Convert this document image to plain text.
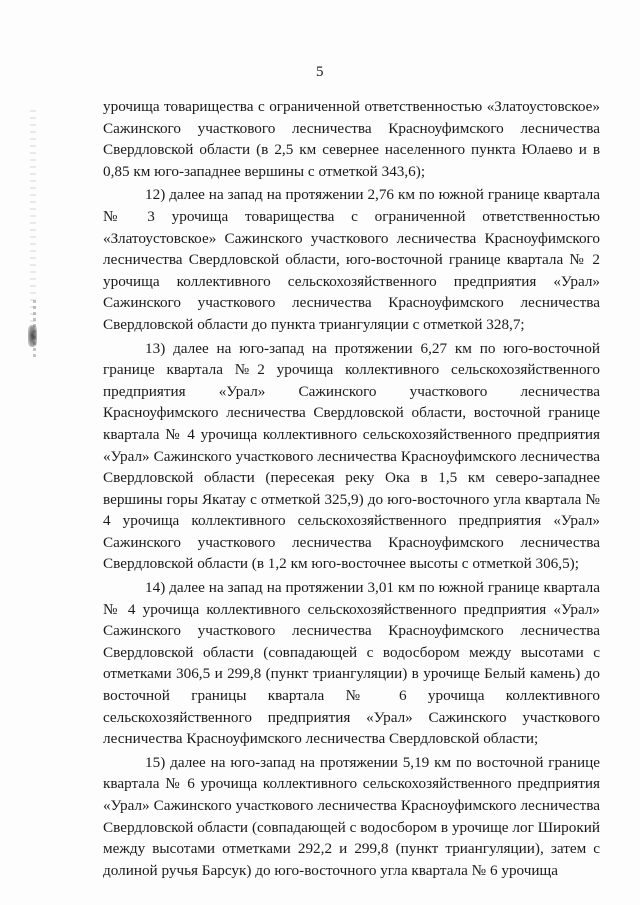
5

урочища товарищества с ограниченной ответственностью «Златоустовское» Сажинского участкового лесничества Красноуфимского лесничества Свердловской области (в 2,5 км севернее населенного пункта Юлаево и в 0,85 км юго-западнее вершины с отметкой 343,6);

12) далее на запад на протяжении 2,76 км по южной границе квартала № 3 урочища товарищества с ограниченной ответственностью «Златоустовское» Сажинского участкового лесничества Красноуфимского лесничества Свердловской области, юго-восточной границе квартала № 2 урочища коллективного сельскохозяйственного предприятия «Урал» Сажинского участкового лесничества Красноуфимского лесничества Свердловской области до пункта триангуляции с отметкой 328,7;

13) далее на юго-запад на протяжении 6,27 км по юго-восточной границе квартала №2 урочища коллективного сельскохозяйственного предприятия «Урал» Сажинского участкового лесничества Красноуфимского лесничества Свердловской области, восточной границе квартала № 4 урочища коллективного сельскохозяйственного предприятия «Урал» Сажинского участкового лесничества Красноуфимского лесничества Свердловской области (пересекая реку Ока в 1,5 км северо-западнее вершины горы Якатау с отметкой 325,9) до юго-восточного угла квартала № 4 урочища коллективного сельскохозяйственного предприятия «Урал» Сажинского участкового лесничества Красноуфимского лесничества Свердловской области (в 1,2 км юго-восточнее высоты с отметкой 306,5);

14) далее на запад на протяжении 3,01 км по южной границе квартала № 4 урочища коллективного сельскохозяйственного предприятия «Урал» Сажинского участкового лесничества Красноуфимского лесничества Свердловской области (совпадающей с водосбором между высотами с отметками 306,5 и 299,8 (пункт триангуляции) в урочище Белый камень) до восточной границы квартала № 6 урочища коллективного сельскохозяйственного предприятия «Урал» Сажинского участкового лесничества Красноуфимского лесничества Свердловской области;

15) далее на юго-запад на протяжении 5,19 км по восточной границе квартала № 6 урочища коллективного сельскохозяйственного предприятия «Урал» Сажинского участкового лесничества Красноуфимского лесничества Свердловской области (совпадающей с водосбором в урочище лог Широкий между высотами отметками 292,2 и 299,8 (пункт триангуляции), затем с долиной ручья Барсук) до юго-восточного угла квартала № 6 урочища
